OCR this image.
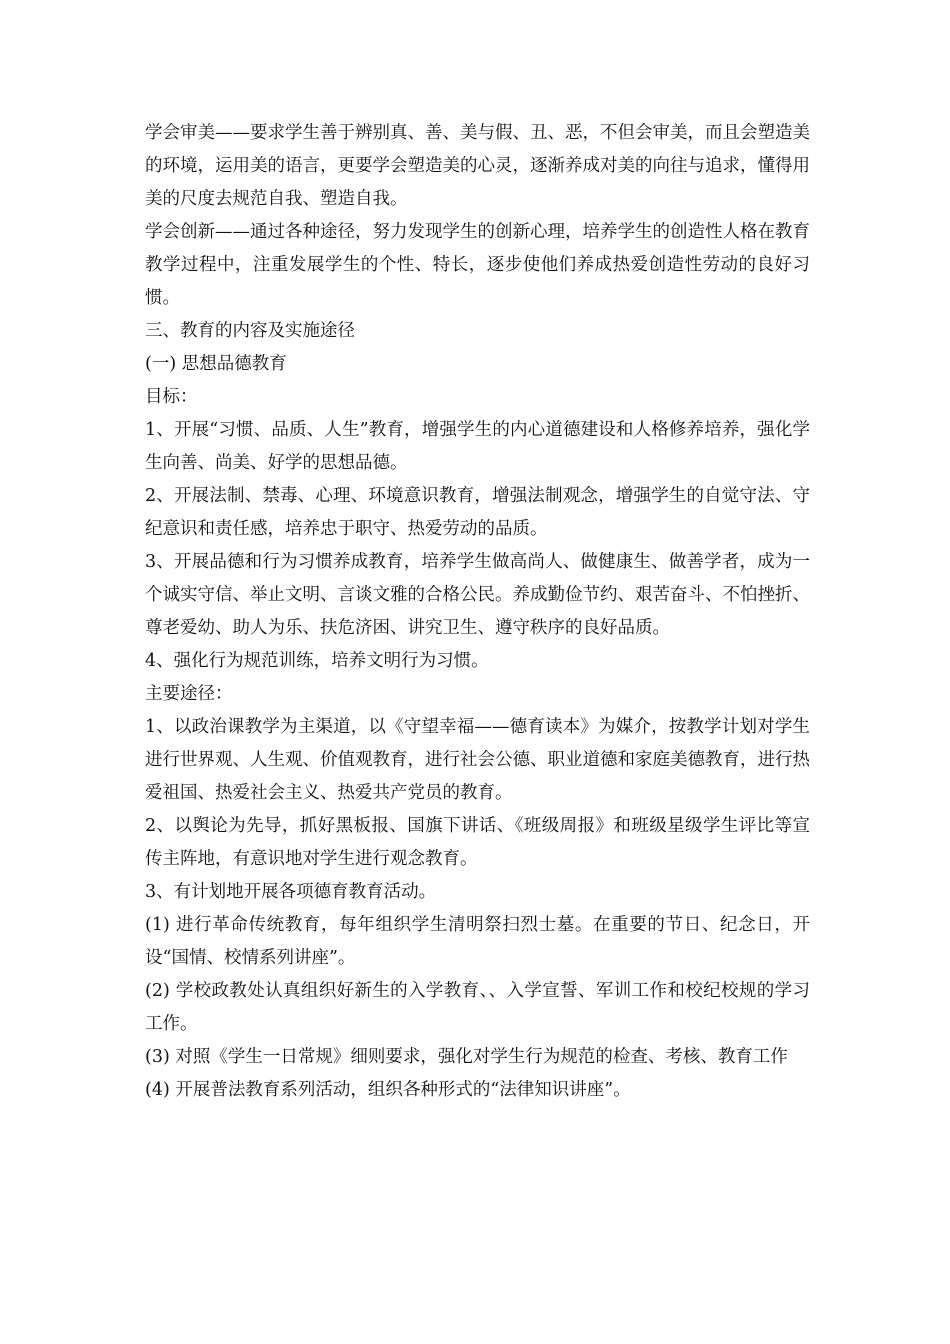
学会审美——要求学生善于辨别真、善、美与假、丑、恶，不但会审美，而且会塑造美的环境，运用美的语言，更要学会塑造美的心灵，逐渐养成对美的向往与追求，懂得用美的尺度去规范自我、塑造自我。

学会创新——通过各种途径，努力发现学生的创新心理，培养学生的创造性人格在教育教学过程中，注重发展学生的个性、特长，逐步使他们养成热爱创造性劳动的良好习惯。

三、教育的内容及实施途径

(一) 思想品德教育

目标：

1、开展“习惯、品质、人生”教育，增强学生的内心道德建设和人格修养培养，强化学生向善、尚美、好学的思想品德。

2、开展法制、禁毒、心理、环境意识教育，增强法制观念，增强学生的自觉守法、守纪意识和责任感，培养忠于职守、热爱劳动的品质。

3、开展品德和行为习惯养成教育，培养学生做高尚人、做健康生、做善学者，成为一个诚实守信、举止文明、言谈文雅的合格公民。养成勤俭节约、艰苦奋斗、不怕挫折、尊老爱幼、助人为乐、扶危济困、讲究卫生、遵守秩序的良好品质。

4、强化行为规范训练，培养文明行为习惯。

主要途径：

1、以政治课教学为主渠道，以《守望幸福——德育读本》为媒介，按教学计划对学生进行世界观、人生观、价值观教育，进行社会公德、职业道德和家庭美德教育，进行热爱祖国、热爱社会主义、热爱共产党员的教育。

2、以舆论为先导，抓好黑板报、国旗下讲话、《班级周报》和班级星级学生评比等宣传主阵地，有意识地对学生进行观念教育。

3、有计划地开展各项德育教育活动。

(1) 进行革命传统教育，每年组织学生清明祭扫烈士墓。在重要的节日、纪念日，开设“国情、校情系列讲座”。

(2) 学校政教处认真组织好新生的入学教育、、入学宣誓、军训工作和校纪校规的学习工作。

(3) 对照《学生一日常规》细则要求，强化对学生行为规范的检查、考核、教育工作

(4) 开展普法教育系列活动，组织各种形式的“法律知识讲座”。
